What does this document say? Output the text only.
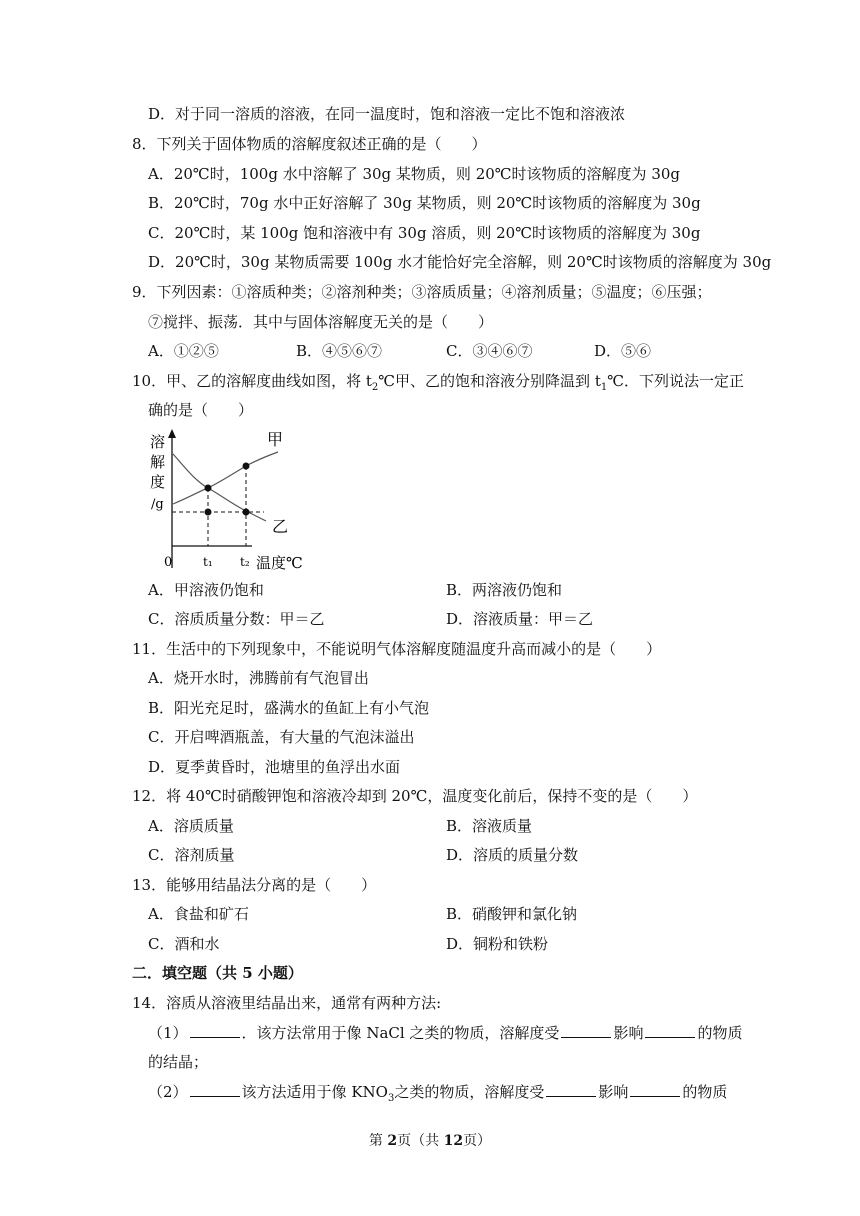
D．对于同一溶质的溶液，在同一温度时，饱和溶液一定比不饱和溶液浓
8．下列关于固体物质的溶解度叙述正确的是（　　）
A．20℃时，100g 水中溶解了 30g 某物质，则 20℃时该物质的溶解度为 30g
B．20℃时，70g 水中正好溶解了 30g 某物质，则 20℃时该物质的溶解度为 30g
C．20℃时，某 100g 饱和溶液中有 30g 溶质，则 20℃时该物质的溶解度为 30g
D．20℃时，30g 某物质需要 100g 水才能恰好完全溶解，则 20℃时该物质的溶解度为 30g
9．下列因素：①溶质种类；②溶剂种类；③溶质质量；④溶剂质量；⑤温度；⑥压强；
⑦搅拌、振荡．其中与固体溶解度无关的是（　　）
A．①②⑤	B．④⑤⑥⑦	C．③④⑥⑦	D．⑤⑥
10．甲、乙的溶解度曲线如图，将 $t_2℃$甲、乙的饱和溶液分别降温到 $t_1℃$．下列说法一定正
确的是（　　）
溶
解
度
/g
0	t₁ t₂ 温度℃
甲
乙
A．甲溶液仍饱和	B．两溶液仍饱和
C．溶质质量分数：甲＝乙	D．溶液质量：甲＝乙
11．生活中的下列现象中，不能说明气体溶解度随温度升高而减小的是（　　）
A．烧开水时，沸腾前有气泡冒出
B．阳光充足时，盛满水的鱼缸上有小气泡
C．开启啤酒瓶盖，有大量的气泡沫溢出
D．夏季黄昏时，池塘里的鱼浮出水面
12．将 40℃时硝酸钾饱和溶液冷却到 20℃，温度变化前后，保持不变的是（　　）
A．溶质质量	B．溶液质量
C．溶剂质量	D．溶质的质量分数
13．能够用结晶法分离的是（　　）
A．食盐和矿石	B．硝酸钾和氯化钠
C．酒和水	D．铜粉和铁粉
二．填空题（共 5 小题）
14．溶质从溶液里结晶出来，通常有两种方法:
（1）	．该方法常用于像 NaCl 之类的物质，溶解度受	影响	的物质
的结晶；
（2）	该方法适用于像 $KNO_3$之类的物质，溶解度受	影响	的物质
第 2页（共 12页）
